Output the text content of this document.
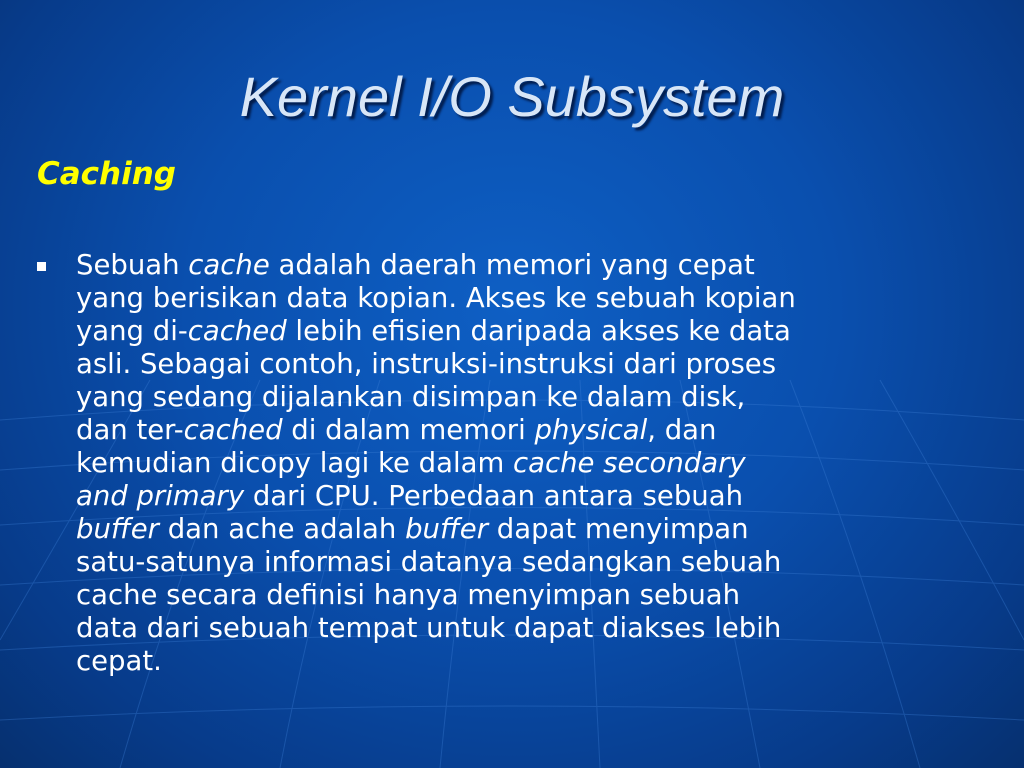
Kernel I/O Subsystem
Caching
Sebuah cache adalah daerah memori yang cepat
yang berisikan data kopian. Akses ke sebuah kopian
yang di-cached lebih efisien daripada akses ke data
asli. Sebagai contoh, instruksi-instruksi dari proses
yang sedang dijalankan disimpan ke dalam disk,
dan ter-cached di dalam memori physical, dan
kemudian dicopy lagi ke dalam cache secondary
and primary dari CPU. Perbedaan antara sebuah
buffer dan ache adalah buffer dapat menyimpan
satu-satunya informasi datanya sedangkan sebuah
cache secara definisi hanya menyimpan sebuah
data dari sebuah tempat untuk dapat diakses lebih
cepat.
